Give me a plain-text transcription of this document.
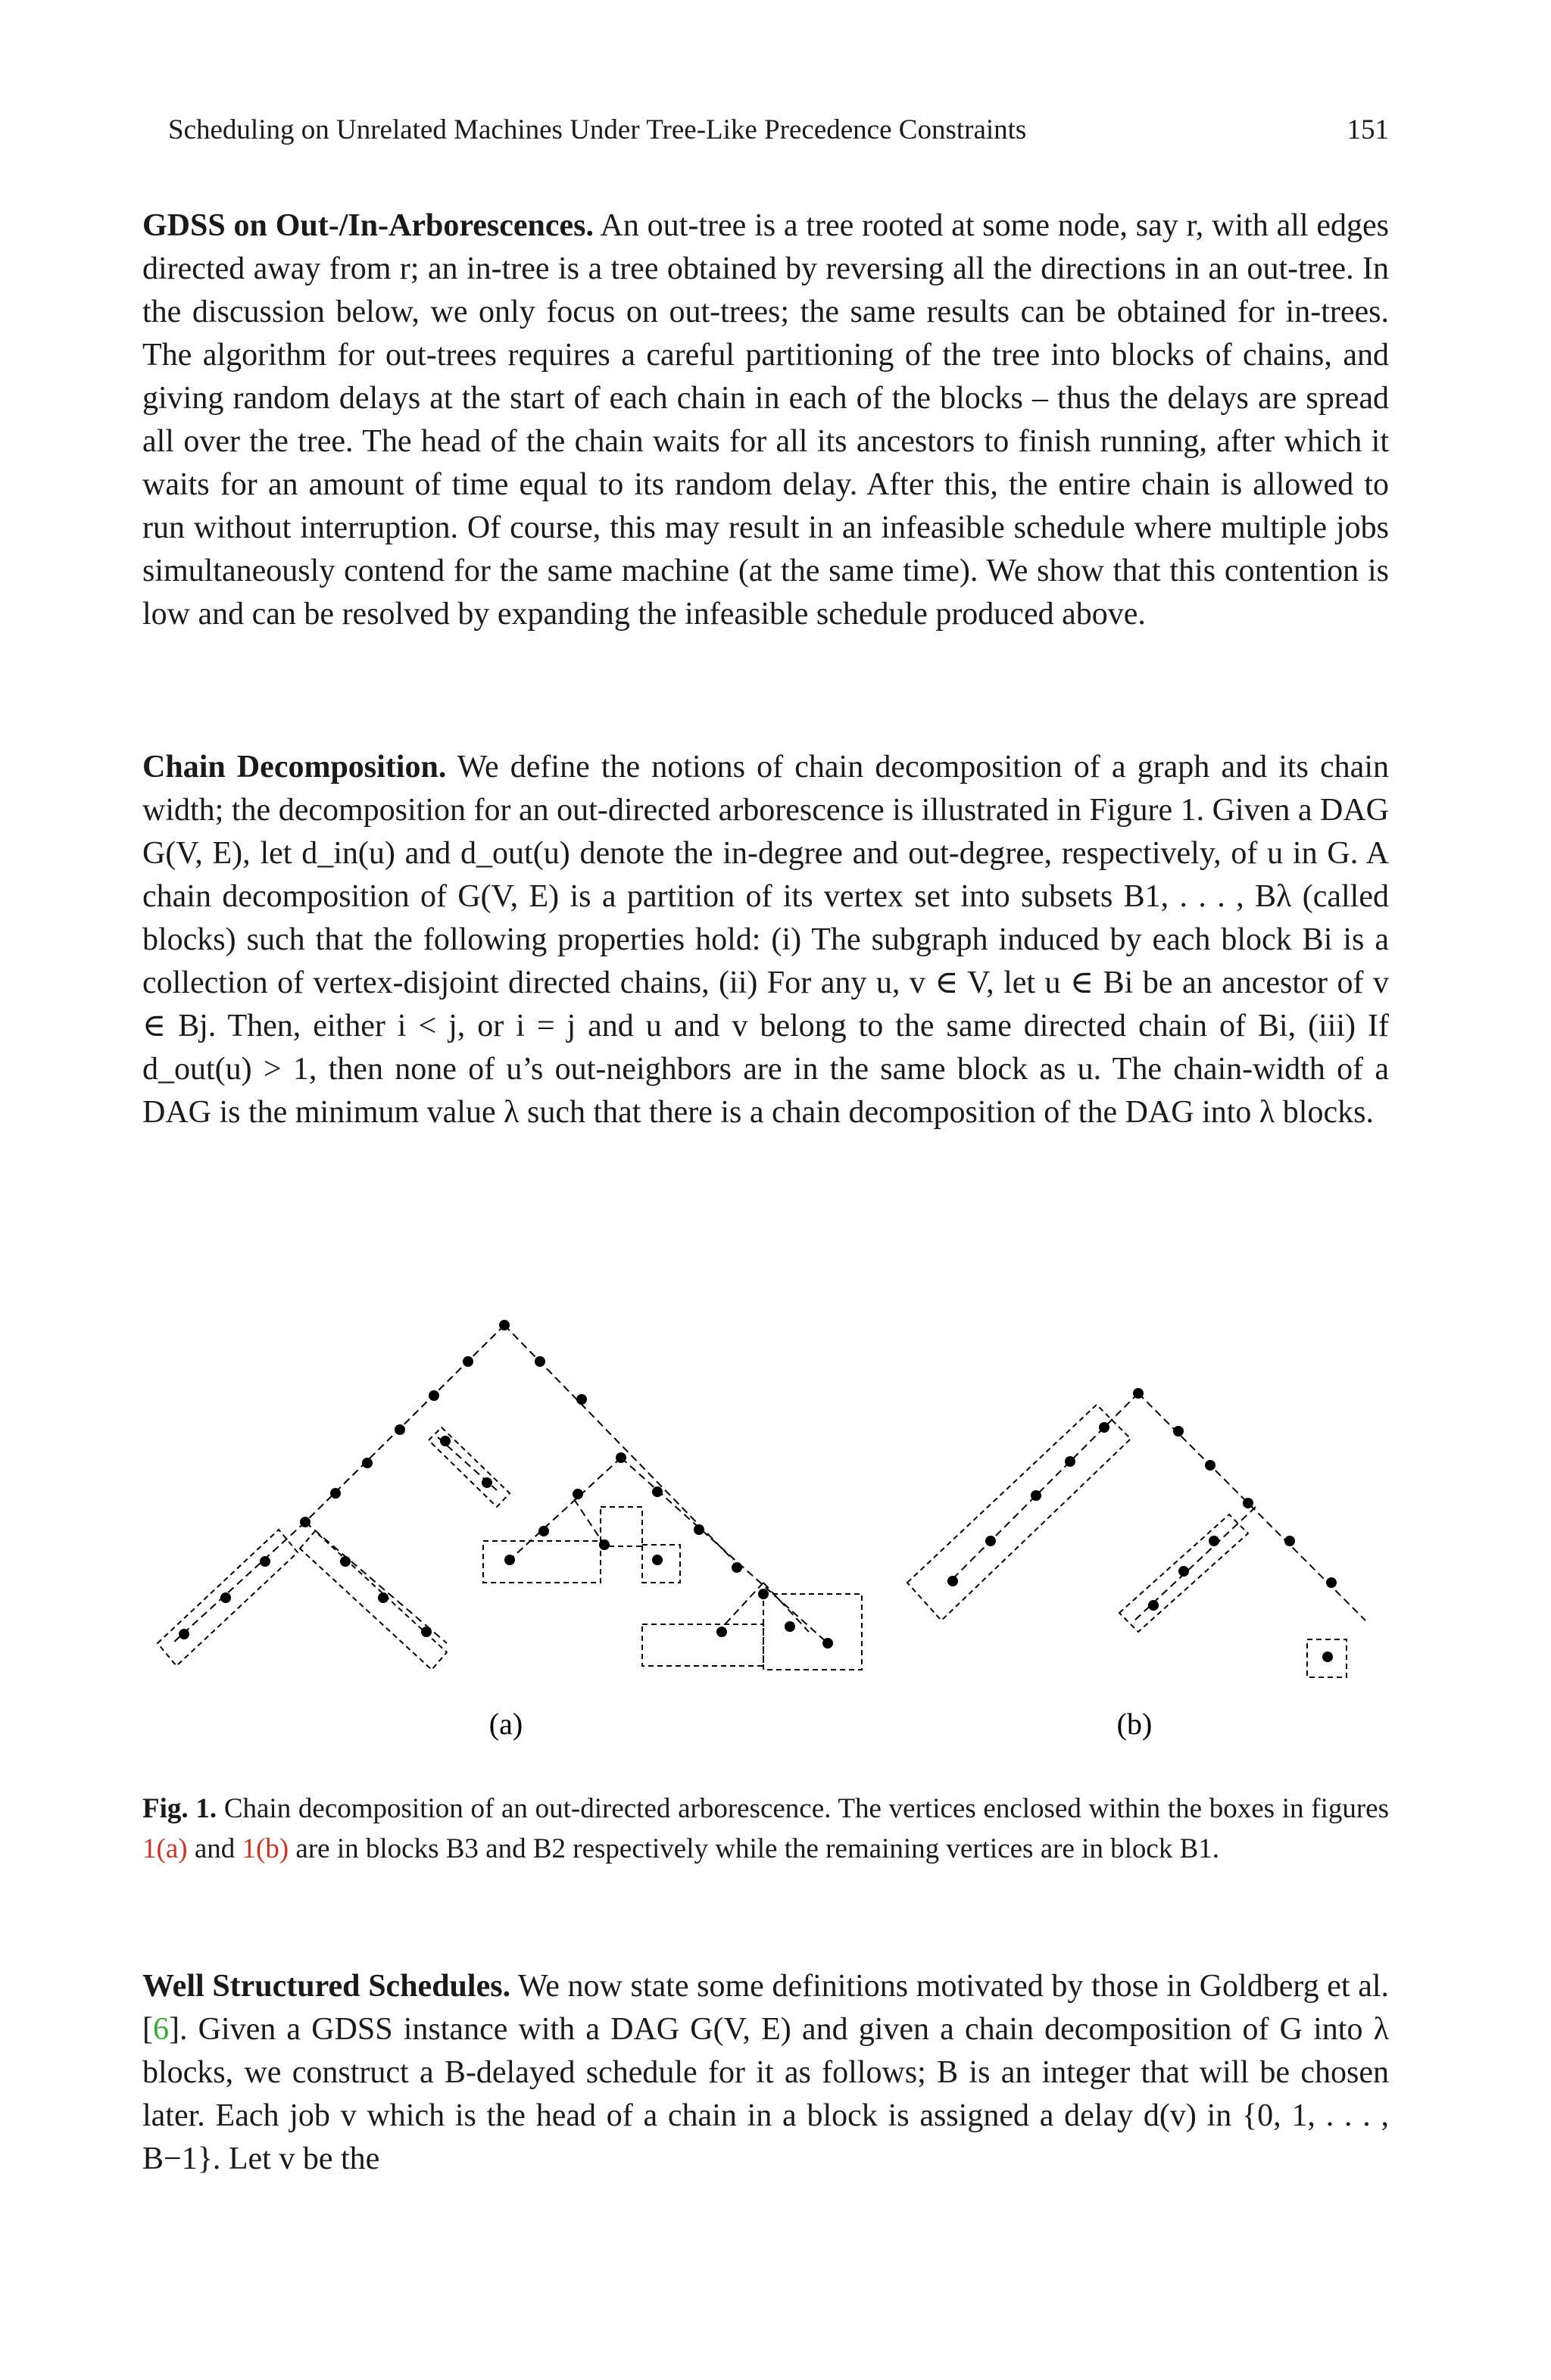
Scheduling on Unrelated Machines Under Tree-Like Precedence Constraints	151
GDSS on Out-/In-Arborescences. An out-tree is a tree rooted at some node, say r, with all edges directed away from r; an in-tree is a tree obtained by reversing all the directions in an out-tree. In the discussion below, we only focus on out-trees; the same results can be obtained for in-trees. The algorithm for out-trees requires a careful partitioning of the tree into blocks of chains, and giving random delays at the start of each chain in each of the blocks – thus the delays are spread all over the tree. The head of the chain waits for all its ancestors to finish running, after which it waits for an amount of time equal to its random delay. After this, the entire chain is allowed to run without interruption. Of course, this may result in an infeasible schedule where multiple jobs simultaneously contend for the same machine (at the same time). We show that this contention is low and can be resolved by expanding the infeasible schedule produced above.
Chain Decomposition. We define the notions of chain decomposition of a graph and its chain width; the decomposition for an out-directed arborescence is illustrated in Figure 1. Given a DAG G(V, E), let d_in(u) and d_out(u) denote the in-degree and out-degree, respectively, of u in G. A chain decomposition of G(V, E) is a partition of its vertex set into subsets B1, . . . , Bλ (called blocks) such that the following properties hold: (i) The subgraph induced by each block Bi is a collection of vertex-disjoint directed chains, (ii) For any u, v ∈ V, let u ∈ Bi be an ancestor of v ∈ Bj. Then, either i < j, or i = j and u and v belong to the same directed chain of Bi, (iii) If d_out(u) > 1, then none of u’s out-neighbors are in the same block as u. The chain-width of a DAG is the minimum value λ such that there is a chain decomposition of the DAG into λ blocks.
(a)	(b)
Fig. 1. Chain decomposition of an out-directed arborescence. The vertices enclosed within the boxes in figures 1(a) and 1(b) are in blocks B3 and B2 respectively while the remaining vertices are in block B1.
Well Structured Schedules. We now state some definitions motivated by those in Goldberg et al. [6]. Given a GDSS instance with a DAG G(V, E) and given a chain decomposition of G into λ blocks, we construct a B-delayed schedule for it as follows; B is an integer that will be chosen later. Each job v which is the head of a chain in a block is assigned a delay d(v) in {0, 1, . . . , B−1}. Let v be the
